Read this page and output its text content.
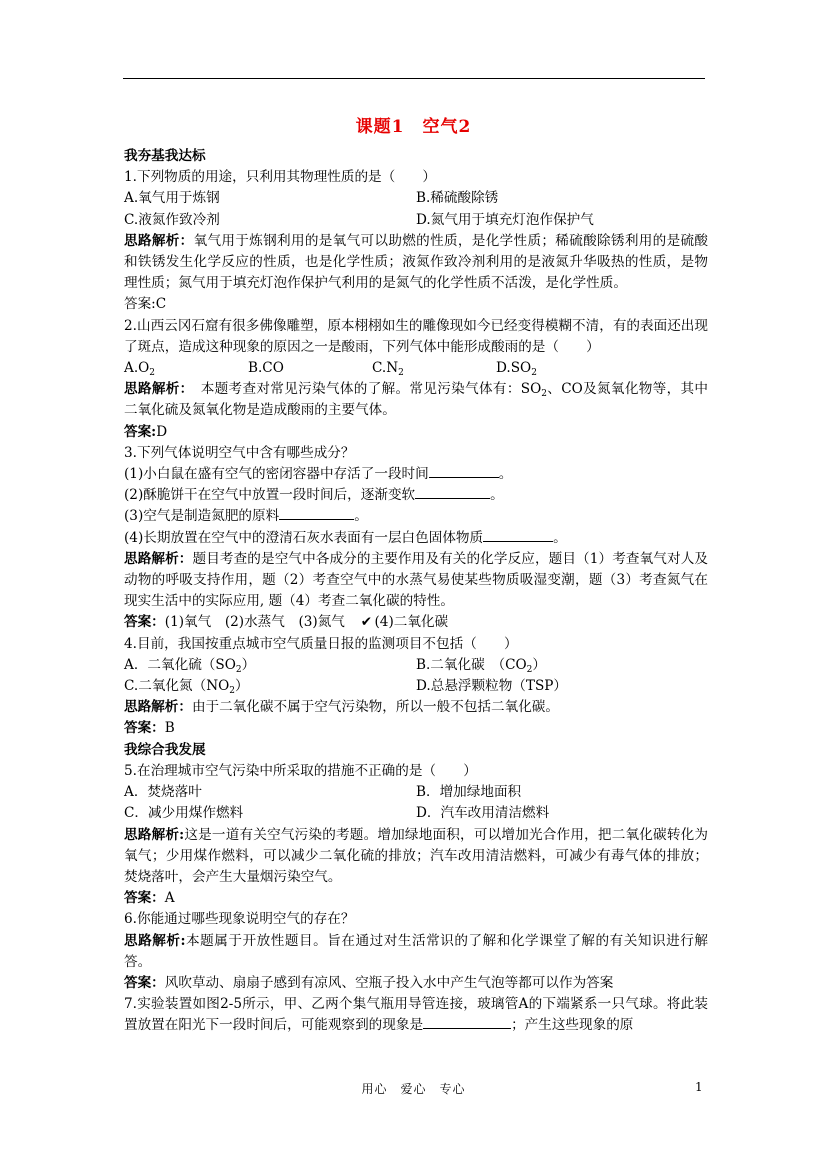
课题1 空气2

我夯基我达标

1.下列物质的用途，只利用其物理性质的是（　　）

A.氧气用于炼钢	B.稀硫酸除锈
C.液氮作致冷剂	D.氮气用于填充灯泡作保护气

思路解析：氧气用于炼钢利用的是氧气可以助燃的性质，是化学性质；稀硫酸除锈利用的是硫酸和铁锈发生化学反应的性质，也是化学性质；液氮作致冷剂利用的是液氮升华吸热的性质，是物理性质；氮气用于填充灯泡作保护气利用的是氮气的化学性质不活泼，是化学性质。

答案:C

2.山西云冈石窟有很多佛像雕塑，原本栩栩如生的雕像现如今已经变得模糊不清，有的表面还出现了斑点，造成这种现象的原因之一是酸雨，下列气体中能形成酸雨的是（　　）

$A.O_2$	B.CO	$C.N_2$	$D.SO_2$

思路解析：　本题考查对常见污染气体的了解。常见污染气体有：$SO_2$、CO及氮氧化物等，其中二氧化硫及氮氧化物是造成酸雨的主要气体。

答案:D

3.下列气体说明空气中含有哪些成分？

(1)小白鼠在盛有空气的密闭容器中存活了一段时间	。

(2)酥脆饼干在空气中放置一段时间后，逐渐变软	。

(3)空气是制造氮肥的原料	。

(4)长期放置在空气中的澄清石灰水表面有一层白色固体物质	。

思路解析：题目考查的是空气中各成分的主要作用及有关的化学反应，题目（1）考查氧气对人及动物的呼吸支持作用，题（2）考查空气中的水蒸气易使某些物质吸湿变潮，题（3）考查氮气在现实生活中的实际应用, 题（4）考查二氧化碳的特性。

答案：(1)氧气　(2)水蒸气　(3)氮气　✔ (4)二氧化碳

4.目前，我国按重点城市空气质量日报的监测项目不包括（　　）

A．二氧化硫$(SO_2)$	B.二氧化碳　$(CO_2)$
C.二氧化氮$(NO_2)$	D.总悬浮颗粒物（TSP）

思路解析：由于二氧化碳不属于空气污染物，所以一般不包括二氧化碳。

答案：B

我综合我发展

5.在治理城市空气污染中所采取的措施不正确的是（　　）

A．焚烧落叶	B．增加绿地面积
C．减少用煤作燃料	D．汽车改用清洁燃料

思路解析:这是一道有关空气污染的考题。增加绿地面积，可以增加光合作用，把二氧化碳转化为氧气；少用煤作燃料，可以减少二氧化硫的排放；汽车改用清洁燃料，可减少有毒气体的排放；焚烧落叶，会产生大量烟污染空气。

答案：A

6.你能通过哪些现象说明空气的存在？

思路解析:本题属于开放性题目。旨在通过对生活常识的了解和化学课堂了解的有关知识进行解答。

答案：风吹草动、扇扇子感到有凉风、空瓶子投入水中产生气泡等都可以作为答案

7.实验装置如图2-5所示，甲、乙两个集气瓶用导管连接，玻璃管A的下端紧系一只气球。将此装置放置在阳光下一段时间后，可能观察到的现象是	；产生这些现象的原

用心　爱心　专心	1
